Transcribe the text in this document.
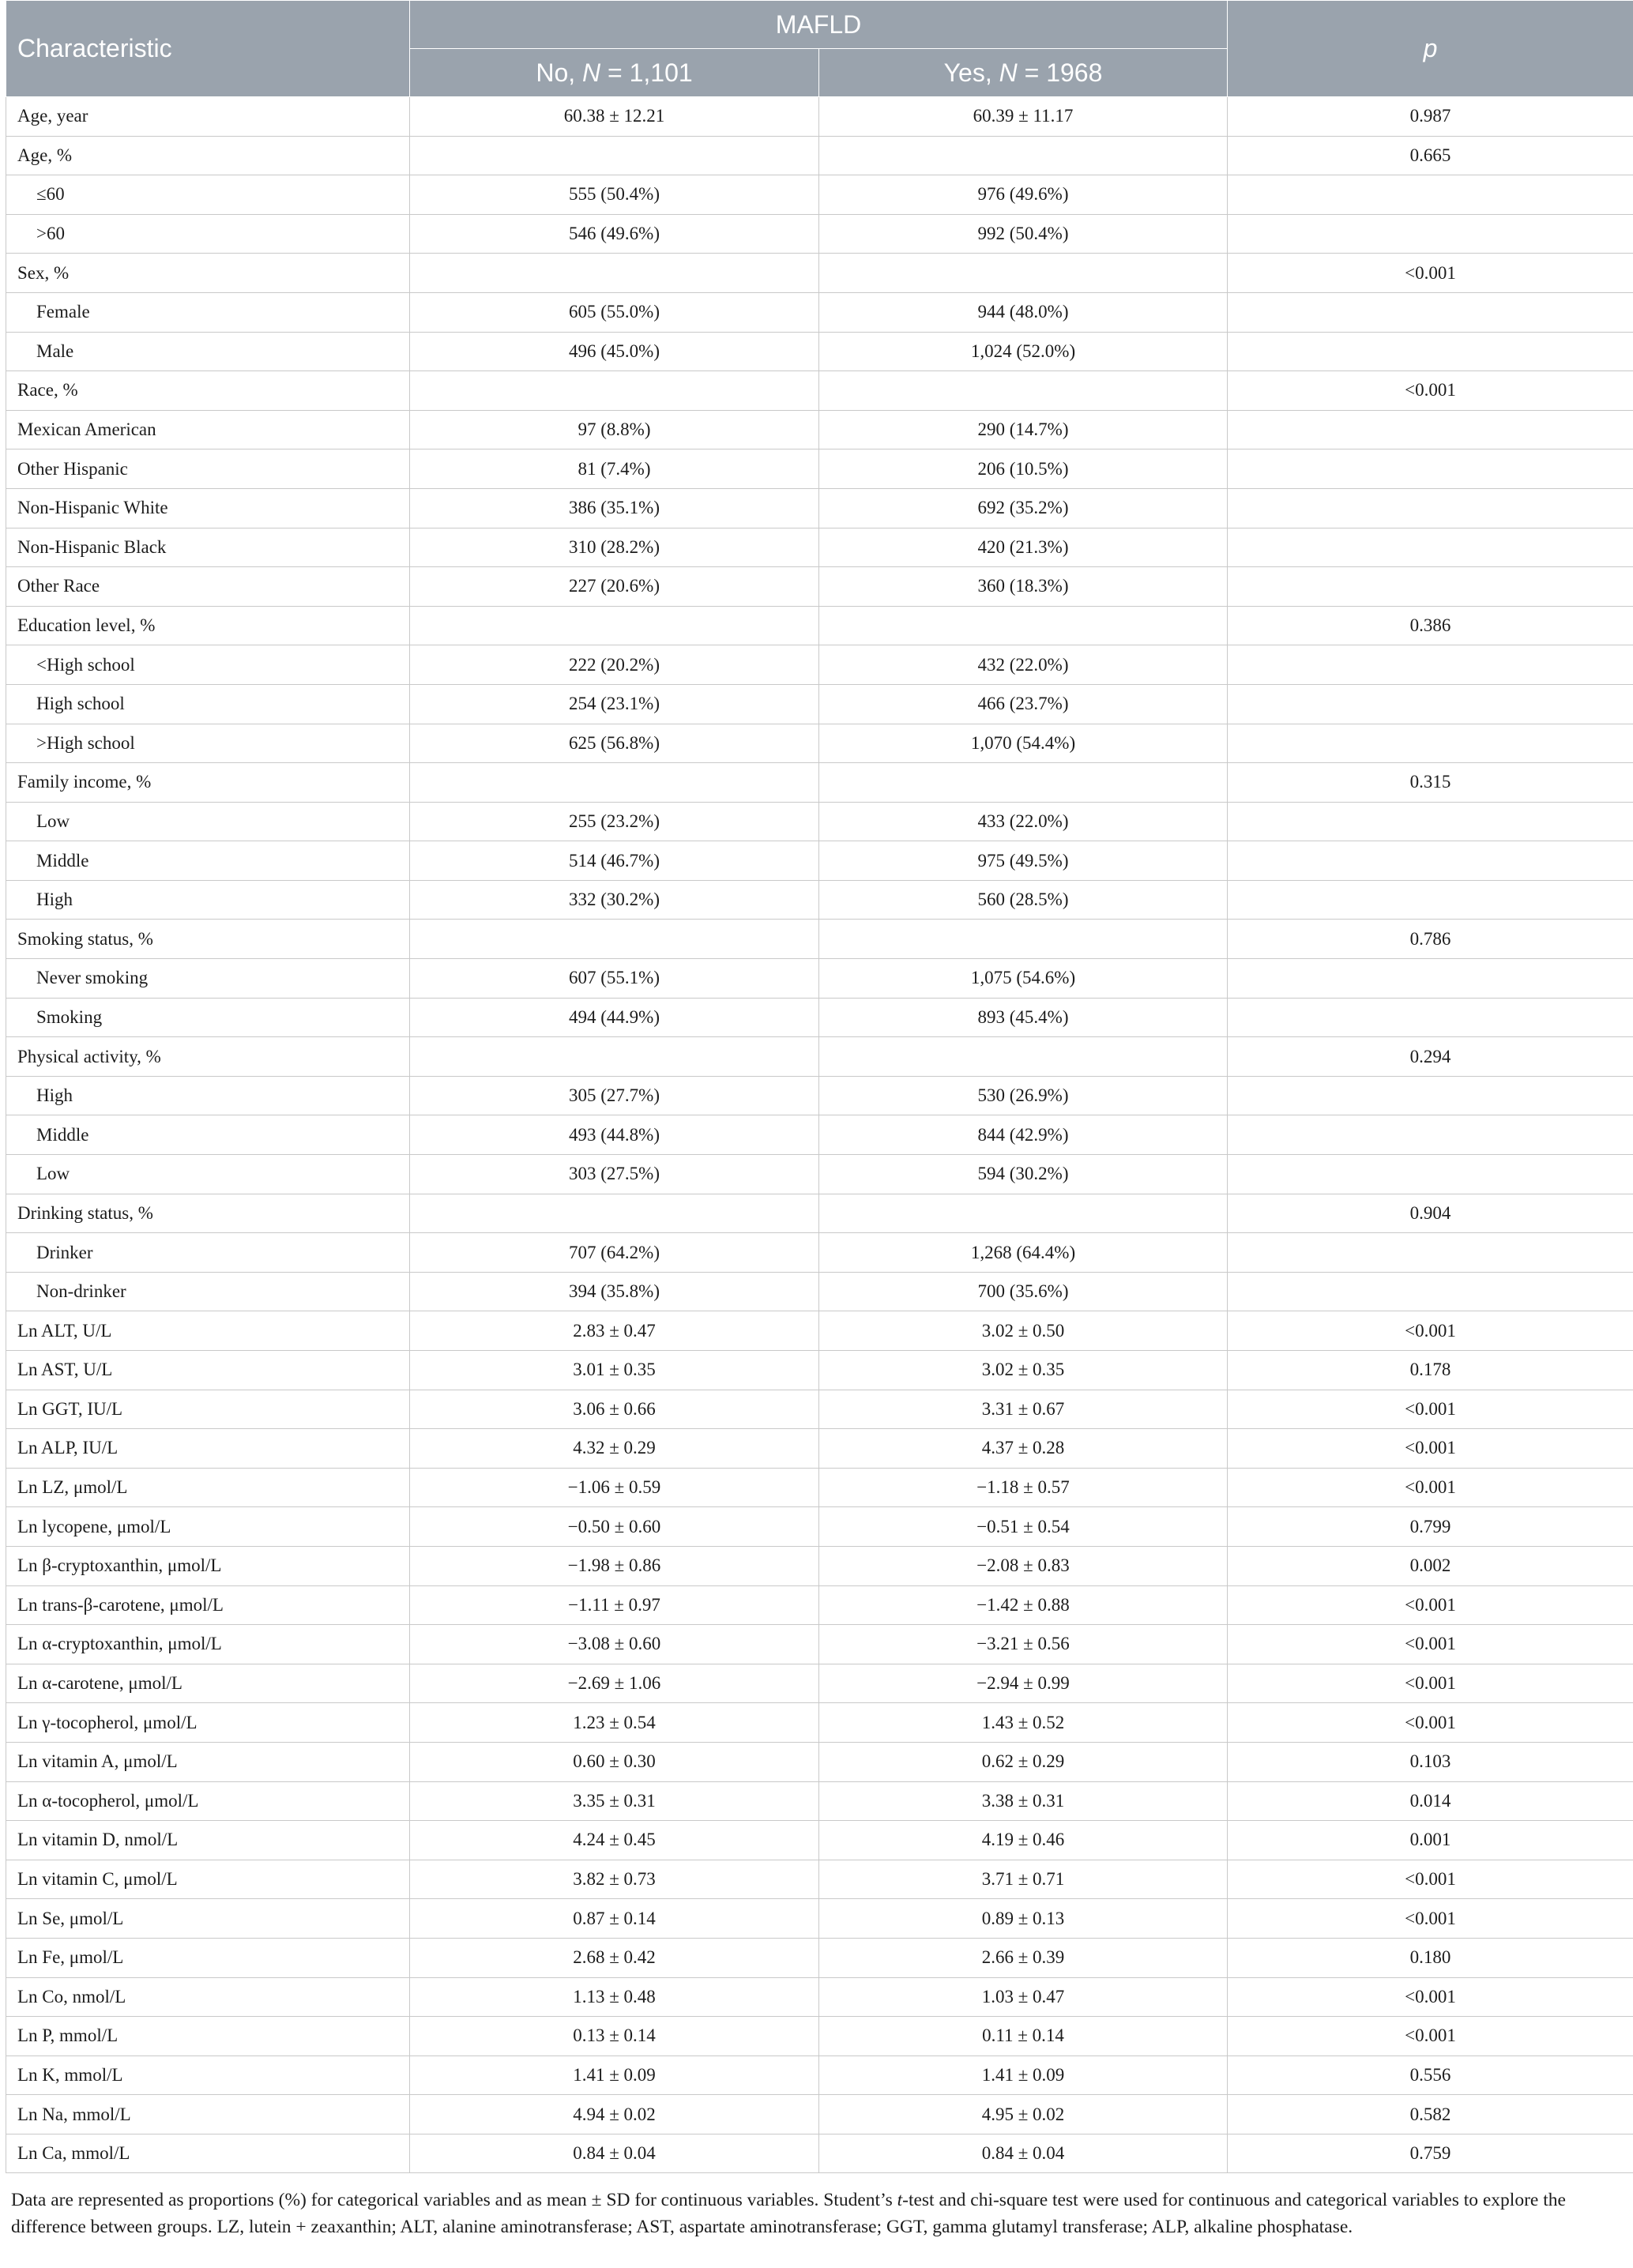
Characteristic	MAFLD		p
	No, N = 1,101	Yes, N = 1968	
Age, year	60.38 ± 12.21	60.39 ± 11.17	0.987
Age, %			0.665
≤60	555 (50.4%)	976 (49.6%)	
>60	546 (49.6%)	992 (50.4%)	
Sex, %			<0.001
Female	605 (55.0%)	944 (48.0%)	
Male	496 (45.0%)	1,024 (52.0%)	
Race, %			<0.001
Mexican American	97 (8.8%)	290 (14.7%)	
Other Hispanic	81 (7.4%)	206 (10.5%)	
Non-Hispanic White	386 (35.1%)	692 (35.2%)	
Non-Hispanic Black	310 (28.2%)	420 (21.3%)	
Other Race	227 (20.6%)	360 (18.3%)	
Education level, %			0.386
<High school	222 (20.2%)	432 (22.0%)	
High school	254 (23.1%)	466 (23.7%)	
>High school	625 (56.8%)	1,070 (54.4%)	
Family income, %			0.315
Low	255 (23.2%)	433 (22.0%)	
Middle	514 (46.7%)	975 (49.5%)	
High	332 (30.2%)	560 (28.5%)	
Smoking status, %			0.786
Never smoking	607 (55.1%)	1,075 (54.6%)	
Smoking	494 (44.9%)	893 (45.4%)	
Physical activity, %			0.294
High	305 (27.7%)	530 (26.9%)	
Middle	493 (44.8%)	844 (42.9%)	
Low	303 (27.5%)	594 (30.2%)	
Drinking status, %			0.904
Drinker	707 (64.2%)	1,268 (64.4%)	
Non-drinker	394 (35.8%)	700 (35.6%)	
Ln ALT, U/L	2.83 ± 0.47	3.02 ± 0.50	<0.001
Ln AST, U/L	3.01 ± 0.35	3.02 ± 0.35	0.178
Ln GGT, IU/L	3.06 ± 0.66	3.31 ± 0.67	<0.001
Ln ALP, IU/L	4.32 ± 0.29	4.37 ± 0.28	<0.001
Ln LZ, μmol/L	−1.06 ± 0.59	−1.18 ± 0.57	<0.001
Ln lycopene, μmol/L	−0.50 ± 0.60	−0.51 ± 0.54	0.799
Ln β-cryptoxanthin, μmol/L	−1.98 ± 0.86	−2.08 ± 0.83	0.002
Ln trans-β-carotene, μmol/L	−1.11 ± 0.97	−1.42 ± 0.88	<0.001
Ln α-cryptoxanthin, μmol/L	−3.08 ± 0.60	−3.21 ± 0.56	<0.001
Ln α-carotene, μmol/L	−2.69 ± 1.06	−2.94 ± 0.99	<0.001
Ln γ-tocopherol, μmol/L	1.23 ± 0.54	1.43 ± 0.52	<0.001
Ln vitamin A, μmol/L	0.60 ± 0.30	0.62 ± 0.29	0.103
Ln α-tocopherol, μmol/L	3.35 ± 0.31	3.38 ± 0.31	0.014
Ln vitamin D, nmol/L	4.24 ± 0.45	4.19 ± 0.46	0.001
Ln vitamin C, μmol/L	3.82 ± 0.73	3.71 ± 0.71	<0.001
Ln Se, μmol/L	0.87 ± 0.14	0.89 ± 0.13	<0.001
Ln Fe, μmol/L	2.68 ± 0.42	2.66 ± 0.39	0.180
Ln Co, nmol/L	1.13 ± 0.48	1.03 ± 0.47	<0.001
Ln P, mmol/L	0.13 ± 0.14	0.11 ± 0.14	<0.001
Ln K, mmol/L	1.41 ± 0.09	1.41 ± 0.09	0.556
Ln Na, mmol/L	4.94 ± 0.02	4.95 ± 0.02	0.582
Ln Ca, mmol/L	0.84 ± 0.04	0.84 ± 0.04	0.759

Data are represented as proportions (%) for categorical variables and as mean ± SD for continuous variables. Student’s t-test and chi-square test were used for continuous and categorical variables to explore the difference between groups. LZ, lutein + zeaxanthin; ALT, alanine aminotransferase; AST, aspartate aminotransferase; GGT, gamma glutamyl transferase; ALP, alkaline phosphatase.
